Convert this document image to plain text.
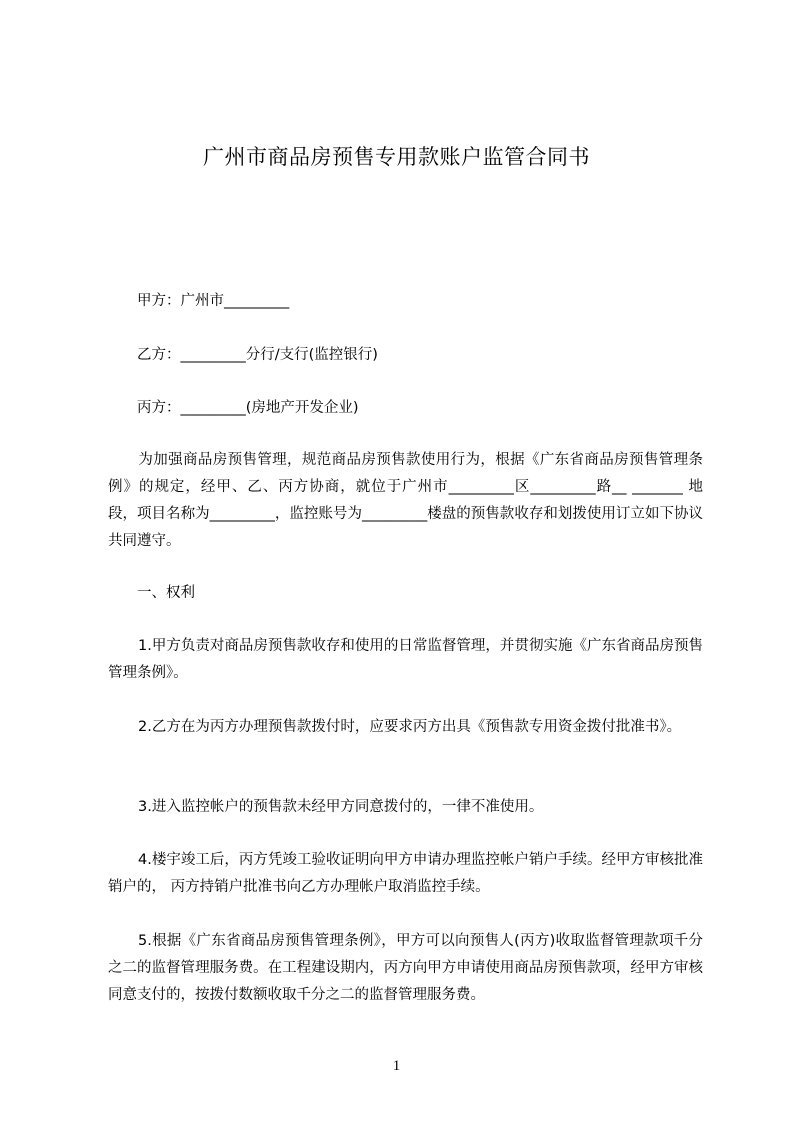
广州市商品房预售专用款账户监管合同书
甲方：广州市_________
乙方：_________分行/支行(监控银行)
丙方：_________(房地产开发企业)

为加强商品房预售管理，规范商品房预售款使用行为，根据《广东省商品房预售管理条例》的规定，经甲、乙、丙方协商，就位于广州市_________区_________路__ _______ 地段，项目名称为_________，监控账号为_________楼盘的预售款收存和划拨使用订立如下协议共同遵守。

一、权利

1.甲方负责对商品房预售款收存和使用的日常监督管理，并贯彻实施《广东省商品房预售管理条例》。

2.乙方在为丙方办理预售款拨付时，应要求丙方出具《预售款专用资金拨付批准书》。

3.进入监控帐户的预售款未经甲方同意拨付的，一律不准使用。

4.楼宇竣工后，丙方凭竣工验收证明向甲方申请办理监控帐户销户手续。经甲方审核批准销户的， 丙方持销户批准书向乙方办理帐户取消监控手续。

5.根据《广东省商品房预售管理条例》，甲方可以向预售人(丙方)收取监督管理款项千分之二的监督管理服务费。在工程建设期内，丙方向甲方申请使用商品房预售款项，经甲方审核同意支付的，按拨付数额收取千分之二的监督管理服务费。

1
